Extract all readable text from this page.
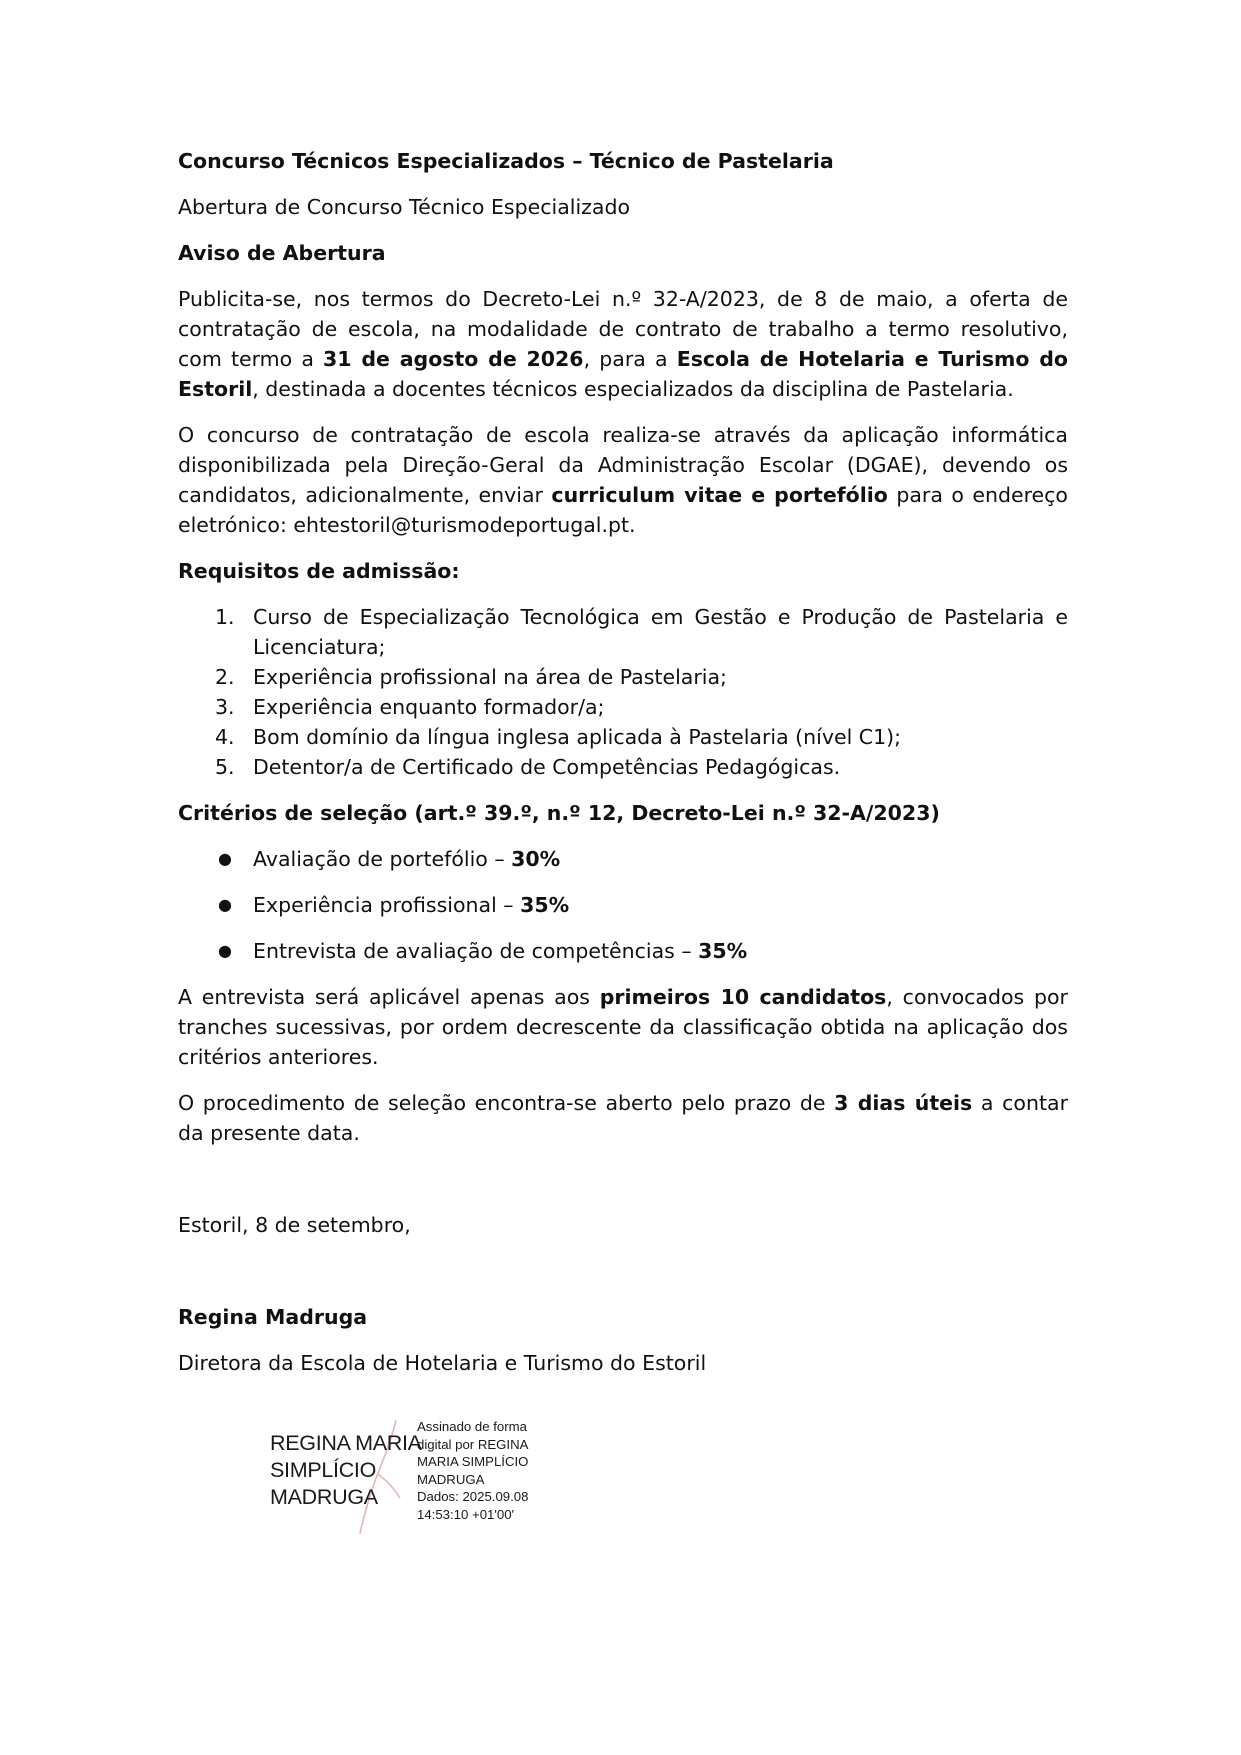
Concurso Técnicos Especializados – Técnico de Pastelaria

Abertura de Concurso Técnico Especializado

Aviso de Abertura

Publicita-se, nos termos do Decreto-Lei n.º 32-A/2023, de 8 de maio, a oferta de contratação de escola, na modalidade de contrato de trabalho a termo resolutivo, com termo a 31 de agosto de 2026, para a Escola de Hotelaria e Turismo do Estoril, destinada a docentes técnicos especializados da disciplina de Pastelaria.

O concurso de contratação de escola realiza-se através da aplicação informática disponibilizada pela Direção-Geral da Administração Escolar (DGAE), devendo os candidatos, adicionalmente, enviar curriculum vitae e portefólio para o endereço eletrónico: ehtestoril@turismodeportugal.pt.

Requisitos de admissão:

1. Curso de Especialização Tecnológica em Gestão e Produção de Pastelaria e Licenciatura;
2. Experiência profissional na área de Pastelaria;
3. Experiência enquanto formador/a;
4. Bom domínio da língua inglesa aplicada à Pastelaria (nível C1);
5. Detentor/a de Certificado de Competências Pedagógicas.

Critérios de seleção (art.º 39.º, n.º 12, Decreto-Lei n.º 32-A/2023)

● Avaliação de portefólio – 30%
● Experiência profissional – 35%
● Entrevista de avaliação de competências – 35%

A entrevista será aplicável apenas aos primeiros 10 candidatos, convocados por tranches sucessivas, por ordem decrescente da classificação obtida na aplicação dos critérios anteriores.

O procedimento de seleção encontra-se aberto pelo prazo de 3 dias úteis a contar da presente data.

Estoril, 8 de setembro,

Regina Madruga

Diretora da Escola de Hotelaria e Turismo do Estoril

REGINA MARIA
SIMPLÍCIO
MADRUGA
Assinado de forma
digital por REGINA
MARIA SIMPLÍCIO
MADRUGA
Dados: 2025.09.08
14:53:10 +01'00'
